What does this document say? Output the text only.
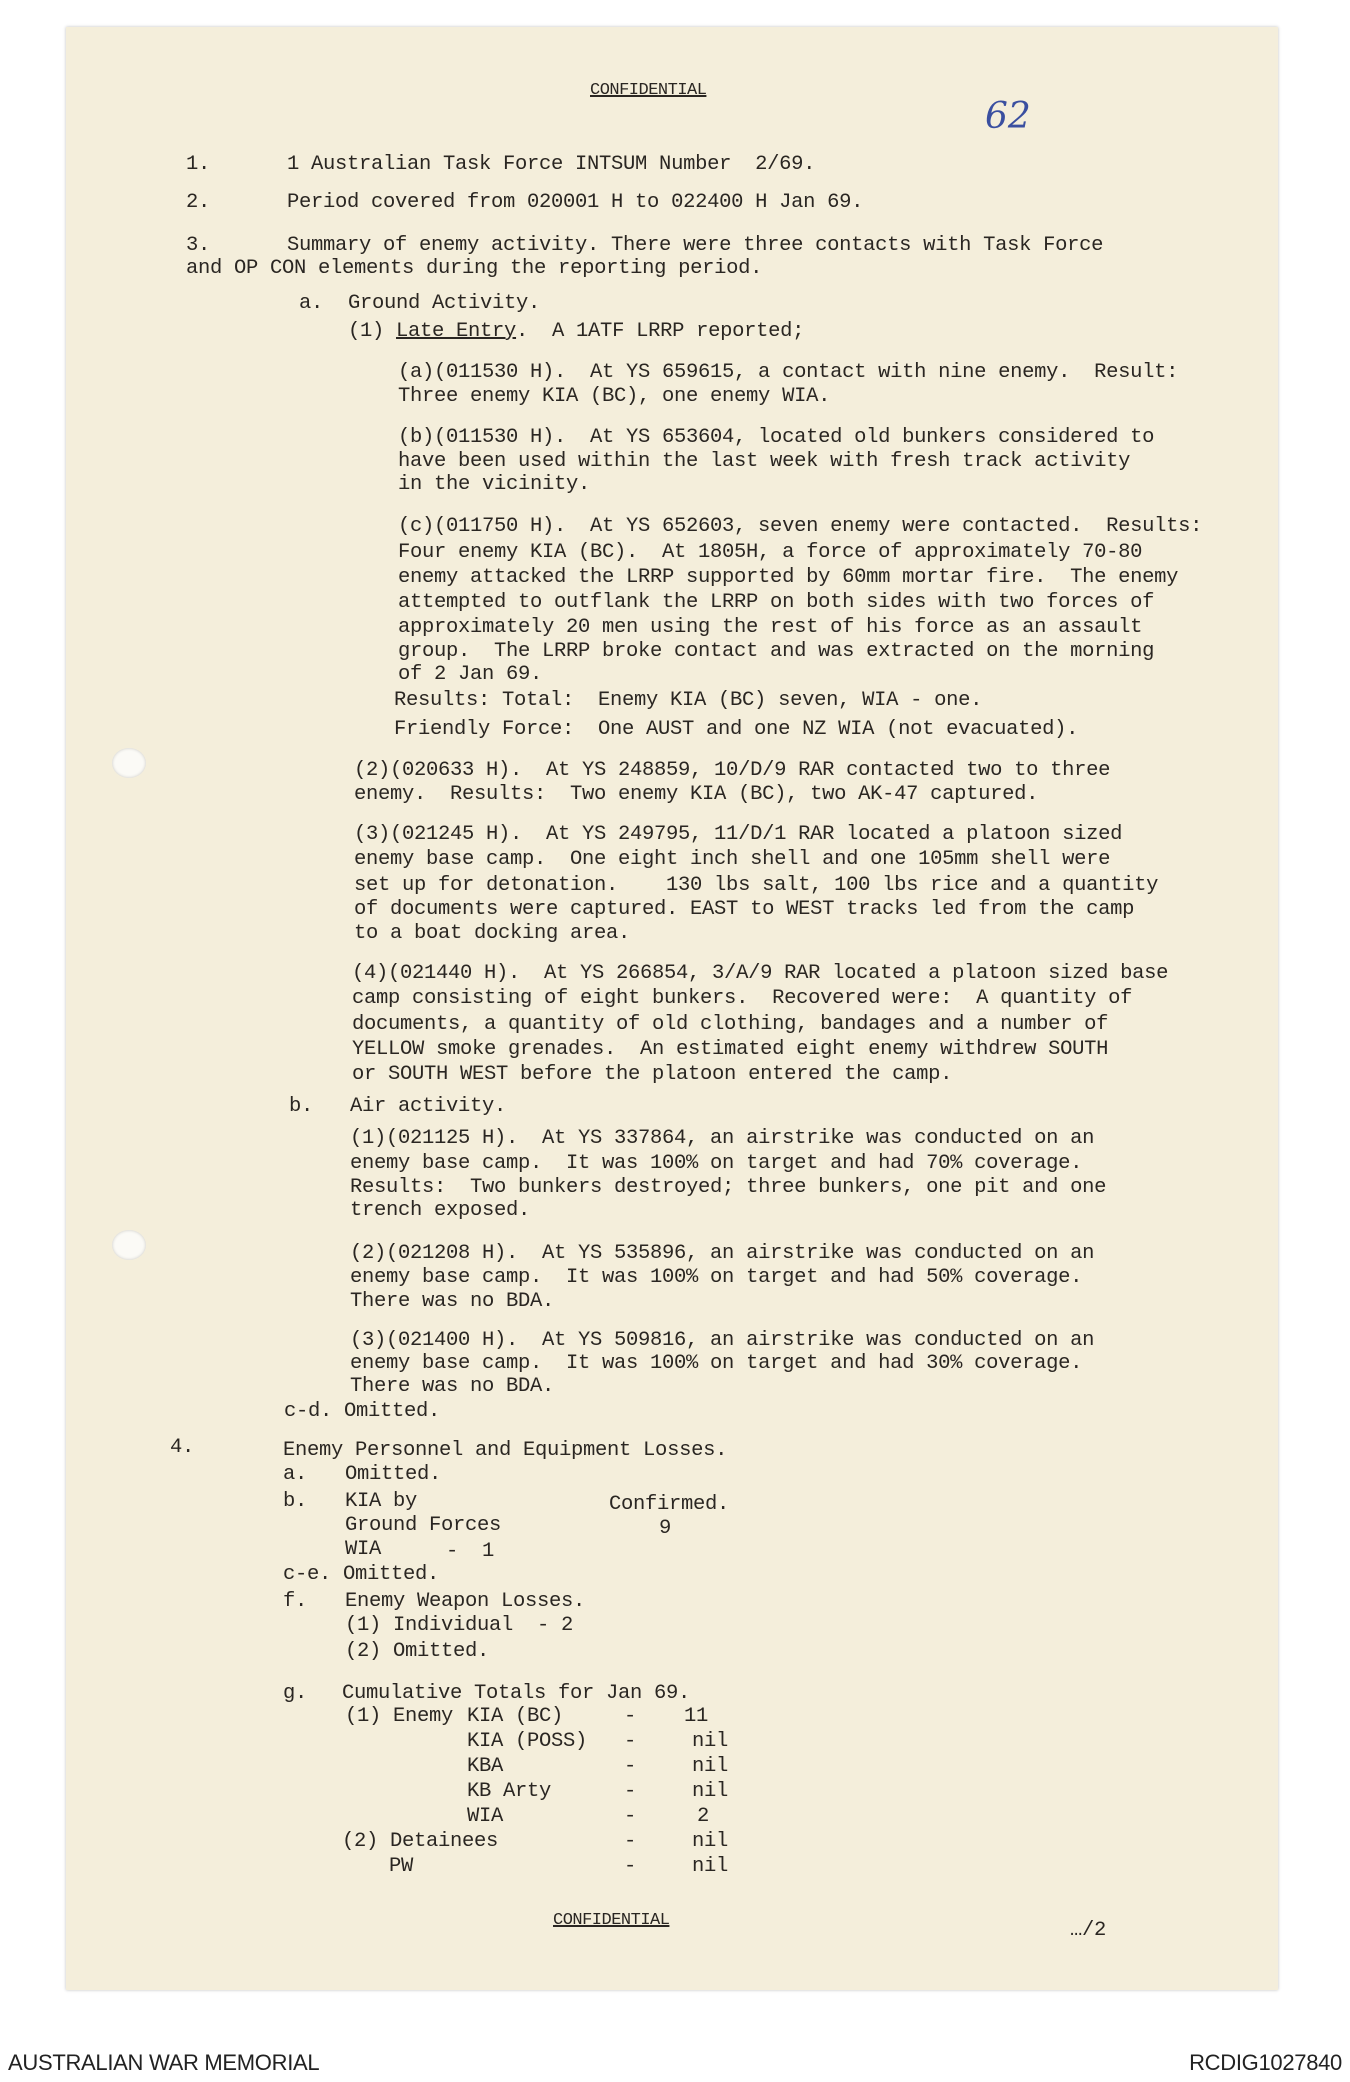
CONFIDENTIAL
62
1.	1 Australian Task Force INTSUM Number  2/69.
2.	Period covered from 020001 H to 022400 H Jan 69.
3.	Summary of enemy activity. There were three contacts with Task Force
and OP CON elements during the reporting period.
a. Ground Activity.
(1) Late Entry.  A 1ATF LRRP reported;
(a)(011530 H).  At YS 659615, a contact with nine enemy.  Result:
Three enemy KIA (BC), one enemy WIA.
(b)(011530 H).  At YS 653604, located old bunkers considered to
have been used within the last week with fresh track activity
in the vicinity.
(c)(011750 H).  At YS 652603, seven enemy were contacted.  Results:
Four enemy KIA (BC).  At 1805H, a force of approximately 70-80
enemy attacked the LRRP supported by 60mm mortar fire.  The enemy
attempted to outflank the LRRP on both sides with two forces of
approximately 20 men using the rest of his force as an assault
group.  The LRRP broke contact and was extracted on the morning
of 2 Jan 69.
Results: Total:  Enemy KIA (BC) seven, WIA - one.
Friendly Force:  One AUST and one NZ WIA (not evacuated).
(2)(020633 H).  At YS 248859, 10/D/9 RAR contacted two to three
enemy.  Results:  Two enemy KIA (BC), two AK-47 captured.
(3)(021245 H).  At YS 249795, 11/D/1 RAR located a platoon sized
enemy base camp.  One eight inch shell and one 105mm shell were
set up for detonation.    130 lbs salt, 100 lbs rice and a quantity
of documents were captured. EAST to WEST tracks led from the camp
to a boat docking area.
(4)(021440 H).  At YS 266854, 3/A/9 RAR located a platoon sized base
camp consisting of eight bunkers.  Recovered were:  A quantity of
documents, a quantity of old clothing, bandages and a number of
YELLOW smoke grenades.  An estimated eight enemy withdrew SOUTH
or SOUTH WEST before the platoon entered the camp.
b. Air activity.
(1)(021125 H).  At YS 337864, an airstrike was conducted on an
enemy base camp.  It was 100% on target and had 70% coverage.
Results:  Two bunkers destroyed; three bunkers, one pit and one
trench exposed.
(2)(021208 H).  At YS 535896, an airstrike was conducted on an
enemy base camp.  It was 100% on target and had 50% coverage.
There was no BDA.
(3)(021400 H).  At YS 509816, an airstrike was conducted on an
enemy base camp.  It was 100% on target and had 30% coverage.
There was no BDA.
c-d. Omitted.
4.	Enemy Personnel and Equipment Losses.
a. Omitted.
b. KIA by	Confirmed.
Ground Forces	9
WIA	-  1
c-e. Omitted.
f. Enemy Weapon Losses.
(1) Individual  - 2
(2) Omitted.
g. Cumulative Totals for Jan 69.
(1) Enemy KIA (BC)	- 11
KIA (POSS) -	nil
KBA	-	nil
KB Arty	-	nil
WIA	-	2
(2) Detainees	-	nil
PW	-	nil
CONFIDENTIAL	…/2
AUSTRALIAN WAR MEMORIAL	RCDIG1027840
